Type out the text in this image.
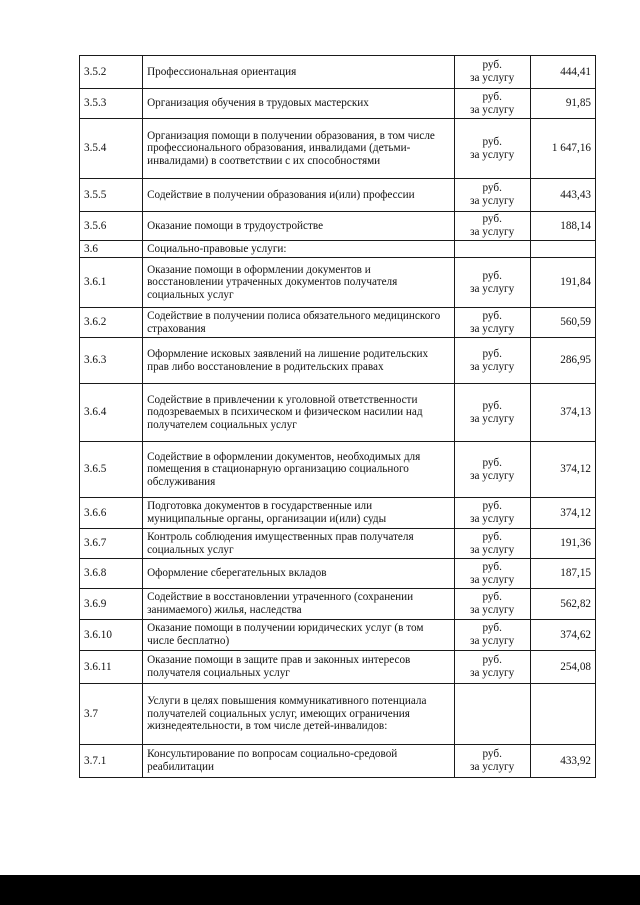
3.5.2	Профессиональная ориентация	руб.
за услугу	444,41
3.5.3	Организация обучения в трудовых мастерских	руб.
за услугу	91,85
3.5.4	Организация помощи в получении образования, в том числе профессионального образования, инвалидами (детьми-инвалидами) в соответствии с их способностями	руб.
за услугу	1 647,16
3.5.5	Содействие в получении образования и(или) профессии	руб.
за услугу	443,43
3.5.6	Оказание помощи в трудоустройстве	руб.
за услугу	188,14
3.6	Социально-правовые услуги:		
3.6.1	Оказание помощи в оформлении документов и восстановлении утраченных документов получателя социальных услуг	руб.
за услугу	191,84
3.6.2	Содействие в получении полиса обязательного медицинского страхования	руб.
за услугу	560,59
3.6.3	Оформление исковых заявлений на лишение родительских прав либо восстановление в родительских правах	руб.
за услугу	286,95
3.6.4	Содействие в привлечении к уголовной ответственности подозреваемых в психическом и физическом насилии над получателем социальных услуг	руб.
за услугу	374,13
3.6.5	Содействие в оформлении документов, необходимых для помещения в стационарную организацию социального обслуживания	руб.
за услугу	374,12
3.6.6	Подготовка документов в государственные или муниципальные органы, организации и(или) суды	руб.
за услугу	374,12
3.6.7	Контроль соблюдения имущественных прав получателя социальных услуг	руб.
за услугу	191,36
3.6.8	Оформление сберегательных вкладов	руб.
за услугу	187,15
3.6.9	Содействие в восстановлении утраченного (сохранении занимаемого) жилья, наследства	руб.
за услугу	562,82
3.6.10	Оказание помощи в получении юридических услуг (в том числе бесплатно)	руб.
за услугу	374,62
3.6.11	Оказание помощи в защите прав и законных интересов получателя социальных услуг	руб.
за услугу	254,08
3.7	Услуги в целях повышения коммуникативного потенциала получателей социальных услуг, имеющих ограничения жизнедеятельности, в том числе детей-инвалидов:		
3.7.1	Консультирование по вопросам социально-средовой реабилитации	руб.
за услугу	433,92
